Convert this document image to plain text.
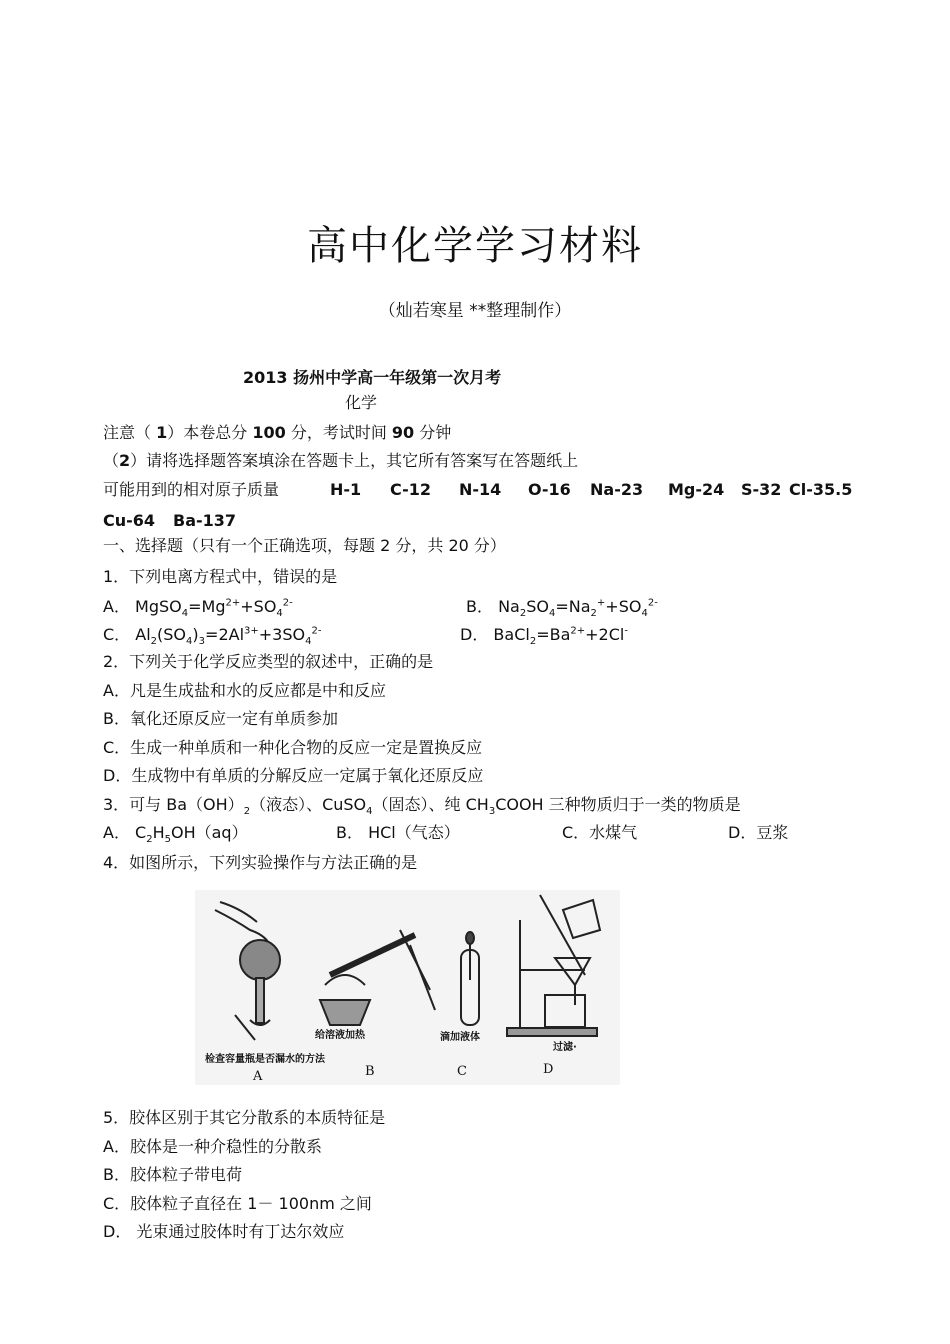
高中化学学习材料
（灿若寒星 **整理制作）
2013 扬州中学高一年级第一次月考
化学
注意（ 1）本卷总分 100 分，考试时间 90 分钟
（2）请将选择题答案填涂在答题卡上，其它所有答案写在答题纸上
可能用到的相对原子质量	H-1 C-12 N-14 O-16 Na-23 Mg-24 S-32 Cl-35.5
Cu-64 Ba-137
一、选择题（只有一个正确选项，每题 2 分，共 20 分）
1．下列电离方程式中，错误的是
A． $MgSO_4=Mg^{2+}+SO_4^{2-}$	B． $Na_2SO_4=Na_2^++SO_4^{2-}$
C． $Al_2(SO_4)_3=2Al^{3+}+3SO_4^{2-}$	D． $BaCl_2=Ba^{2+}+2Cl^-$
2．下列关于化学反应类型的叙述中，正确的是
A．凡是生成盐和水的反应都是中和反应
B．氧化还原反应一定有单质参加
C．生成一种单质和一种化合物的反应一定是置换反应
D．生成物中有单质的分解反应一定属于氧化还原反应
3．可与 $Ba(OH)_2$（液态）、CuSO$_4$（固态）、纯 $CH_3COOH$ 三种物质归于一类的物质是
A． $C_2H_5OH(aq)$	B． HCl（气态）	C．水煤气	D．豆浆
4．如图所示，下列实验操作与方法正确的是
检查容量瓶是否漏水的方法
A
给溶液加热
B
滴加液体
C
过滤·
D
5．胶体区别于其它分散系的本质特征是
A．胶体是一种介稳性的分散系
B．胶体粒子带电荷
C．胶体粒子直径在 1－ 100nm 之间
D． 光束通过胶体时有丁达尔效应
